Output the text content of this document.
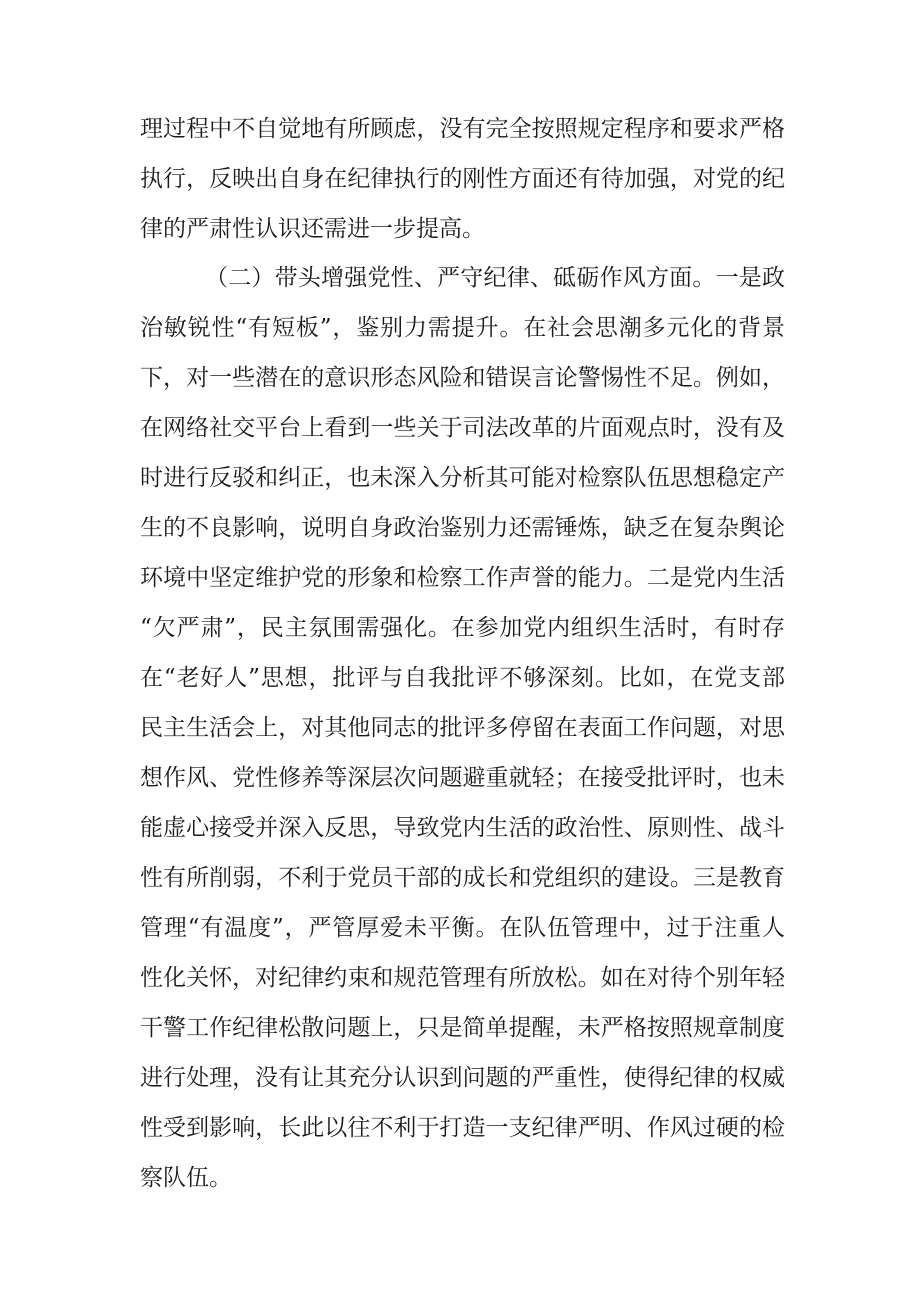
理过程中不自觉地有所顾虑，没有完全按照规定程序和要求严格
执行，反映出自身在纪律执行的刚性方面还有待加强，对党的纪
律的严肃性认识还需进一步提高。
（二）带头增强党性、严守纪律、砥砺作风方面。一是政
治敏锐性“有短板”，鉴别力需提升。在社会思潮多元化的背景
下，对一些潜在的意识形态风险和错误言论警惕性不足。例如，
在网络社交平台上看到一些关于司法改革的片面观点时，没有及
时进行反驳和纠正，也未深入分析其可能对检察队伍思想稳定产
生的不良影响，说明自身政治鉴别力还需锤炼，缺乏在复杂舆论
环境中坚定维护党的形象和检察工作声誉的能力。二是党内生活
“欠严肃”，民主氛围需强化。在参加党内组织生活时，有时存
在“老好人”思想，批评与自我批评不够深刻。比如，在党支部
民主生活会上，对其他同志的批评多停留在表面工作问题，对思
想作风、党性修养等深层次问题避重就轻；在接受批评时，也未
能虚心接受并深入反思，导致党内生活的政治性、原则性、战斗
性有所削弱，不利于党员干部的成长和党组织的建设。三是教育
管理“有温度”，严管厚爱未平衡。在队伍管理中，过于注重人
性化关怀，对纪律约束和规范管理有所放松。如在对待个别年轻
干警工作纪律松散问题上，只是简单提醒，未严格按照规章制度
进行处理，没有让其充分认识到问题的严重性，使得纪律的权威
性受到影响，长此以往不利于打造一支纪律严明、作风过硬的检
察队伍。
